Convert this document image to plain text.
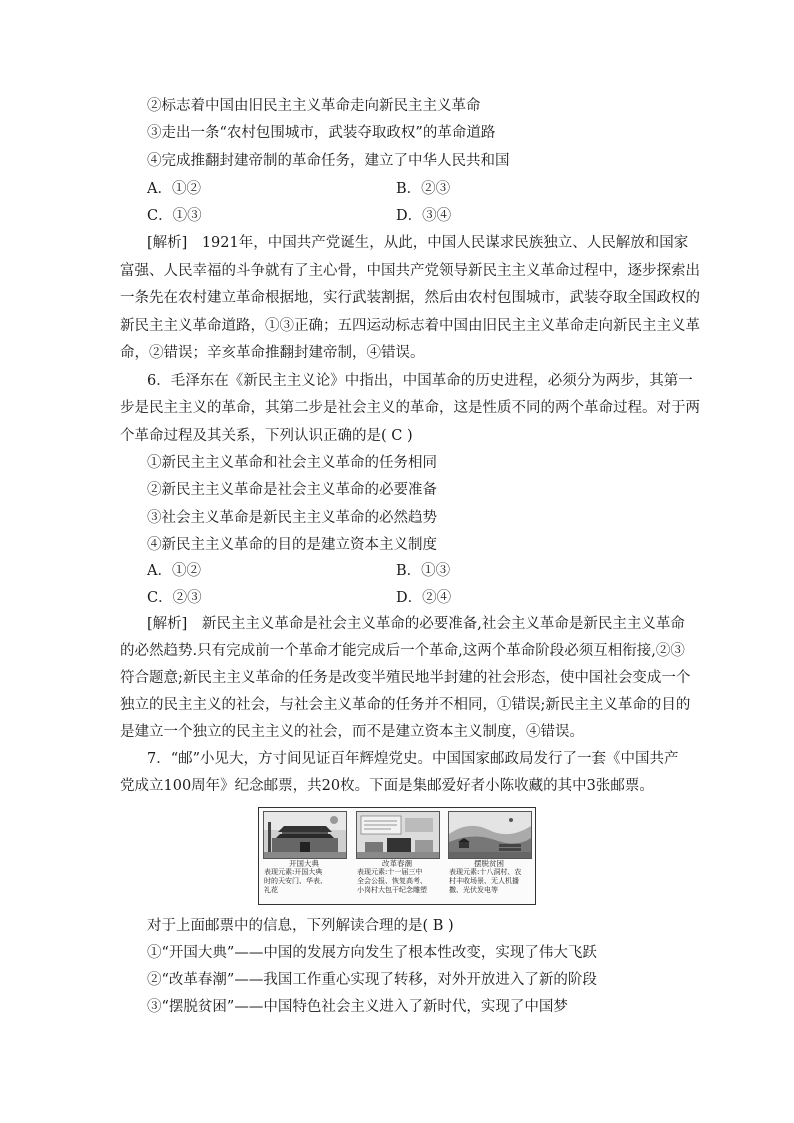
②标志着中国由旧民主主义革命走向新民主主义革命
③走出一条“农村包围城市，武装夺取政权”的革命道路
④完成推翻封建帝制的革命任务，建立了中华人民共和国
A．①②	B．②③
C．①③	D．③④
[解析]　1921年，中国共产党诞生，从此，中国人民谋求民族独立、人民解放和国家
富强、人民幸福的斗争就有了主心骨，中国共产党领导新民主主义革命过程中，逐步探索出
一条先在农村建立革命根据地，实行武装割据，然后由农村包围城市，武装夺取全国政权的
新民主主义革命道路，①③正确；五四运动标志着中国由旧民主主义革命走向新民主主义革
命，②错误；辛亥革命推翻封建帝制，④错误。
6．毛泽东在《新民主主义论》中指出，中国革命的历史进程，必须分为两步，其第一
步是民主主义的革命，其第二步是社会主义的革命，这是性质不同的两个革命过程。对于两
个革命过程及其关系，下列认识正确的是( C )
①新民主主义革命和社会主义革命的任务相同
②新民主主义革命是社会主义革命的必要准备
③社会主义革命是新民主主义革命的必然趋势
④新民主主义革命的目的是建立资本主义制度
A．①②	B．①③
C．②③	D．②④
[解析]　新民主主义革命是社会主义革命的必要准备,社会主义革命是新民主主义革命
的必然趋势.只有完成前一个革命才能完成后一个革命,这两个革命阶段必须互相衔接,②③
符合题意;新民主主义革命的任务是改变半殖民地半封建的社会形态，使中国社会变成一个
独立的民主主义的社会，与社会主义革命的任务并不相同，①错误;新民主主义革命的目的
是建立一个独立的民主主义的社会，而不是建立资本主义制度，④错误。
7．“邮”小见大，方寸间见证百年辉煌党史。中国国家邮政局发行了一套《中国共产
党成立100周年》纪念邮票，共20枚。下面是集邮爱好者小陈收藏的其中3张邮票。
开国大典
表现元素:开国大典
时的天安门、华表、
礼花
改革春潮
表现元素:十一届三中
全会公报、恢复高考、
小岗村大包干纪念雕塑
摆脱贫困
表现元素:十八洞村、农
村丰收场景、无人机播
撒、光伏发电等
对于上面邮票中的信息，下列解读合理的是( B )
①“开国大典”——中国的发展方向发生了根本性改变，实现了伟大飞跃
②“改革春潮”——我国工作重心实现了转移，对外开放进入了新的阶段
③“摆脱贫困”——中国特色社会主义进入了新时代，实现了中国梦
